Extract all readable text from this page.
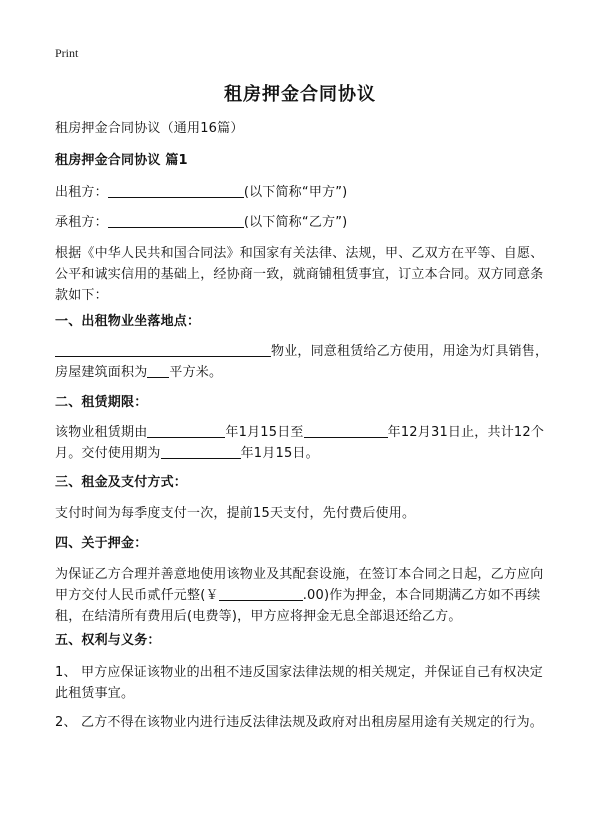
Print
租房押金合同协议
租房押金合同协议（通用16篇）
租房押金合同协议 篇1
出租方：	(以下简称“甲方”)
承租方：	(以下简称“乙方”)
根据《中华人民共和国合同法》和国家有关法律、法规，甲、乙双方在平等、自愿、公平和诚实信用的基础上，经协商一致，就商铺租赁事宜，订立本合同。双方同意条款如下：
一、出租物业坐落地点：
物业，同意租赁给乙方使用，用途为灯具销售，房屋建筑面积为 平方米。
二、租赁期限：
该物业租赁期由	年1月15日至	年12月31日止，共计12个月。交付使用期为	年1月15日。
三、租金及支付方式：
支付时间为每季度支付一次，提前15天支付，先付费后使用。
四、关于押金：
为保证乙方合理并善意地使用该物业及其配套设施，在签订本合同之日起，乙方应向甲方交付人民币贰仟元整(￥	.00)作为押金，本合同期满乙方如不再续租，在结清所有费用后(电费等)，甲方应将押金无息全部退还给乙方。
五、权利与义务：
1、 甲方应保证该物业的出租不违反国家法律法规的相关规定，并保证自己有权决定此租赁事宜。
2、 乙方不得在该物业内进行违反法律法规及政府对出租房屋用途有关规定的行为。
